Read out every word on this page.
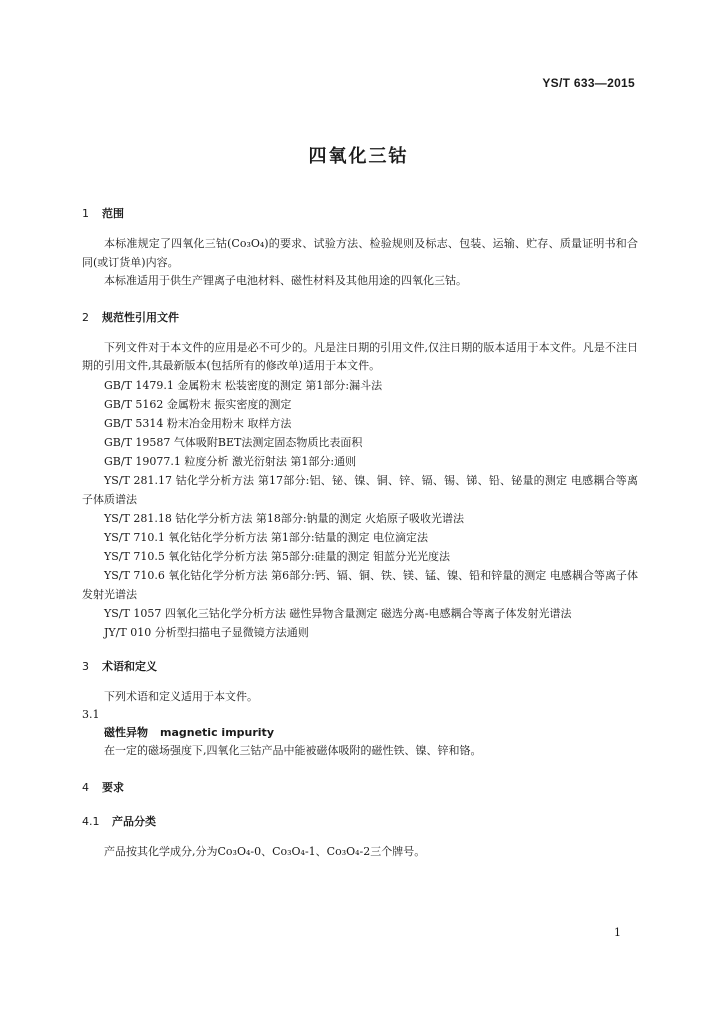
YS/T 633—2015
四氧化三钴
1 范围
本标准规定了四氧化三钴(Co₃O₄)的要求、试验方法、检验规则及标志、包装、运输、贮存、质量证明书和合同(或订货单)内容。
本标准适用于供生产锂离子电池材料、磁性材料及其他用途的四氧化三钴。
2 规范性引用文件
下列文件对于本文件的应用是必不可少的。凡是注日期的引用文件,仅注日期的版本适用于本文件。凡是不注日期的引用文件,其最新版本(包括所有的修改单)适用于本文件。
GB/T 1479.1 金属粉末 松装密度的测定 第1部分:漏斗法
GB/T 5162 金属粉末 振实密度的测定
GB/T 5314 粉末冶金用粉末 取样方法
GB/T 19587 气体吸附BET法测定固态物质比表面积
GB/T 19077.1 粒度分析 激光衍射法 第1部分:通则
YS/T 281.17 钴化学分析方法 第17部分:铝、铋、镍、铜、锌、镉、锡、锑、铅、铋量的测定 电感耦合等离子体质谱法
YS/T 281.18 钴化学分析方法 第18部分:钠量的测定 火焰原子吸收光谱法
YS/T 710.1 氧化钴化学分析方法 第1部分:钴量的测定 电位滴定法
YS/T 710.5 氧化钴化学分析方法 第5部分:硅量的测定 钼蓝分光光度法
YS/T 710.6 氧化钴化学分析方法 第6部分:钙、镉、铜、铁、镁、锰、镍、铅和锌量的测定 电感耦合等离子体发射光谱法
YS/T 1057 四氧化三钴化学分析方法 磁性异物含量测定 磁选分离-电感耦合等离子体发射光谱法
JY/T 010 分析型扫描电子显微镜方法通则
3 术语和定义
下列术语和定义适用于本文件。
3.1
磁性异物 magnetic impurity
在一定的磁场强度下,四氧化三钴产品中能被磁体吸附的磁性铁、镍、锌和铬。
4 要求
4.1 产品分类
产品按其化学成分,分为Co₃O₄-0、Co₃O₄-1、Co₃O₄-2三个牌号。
1
